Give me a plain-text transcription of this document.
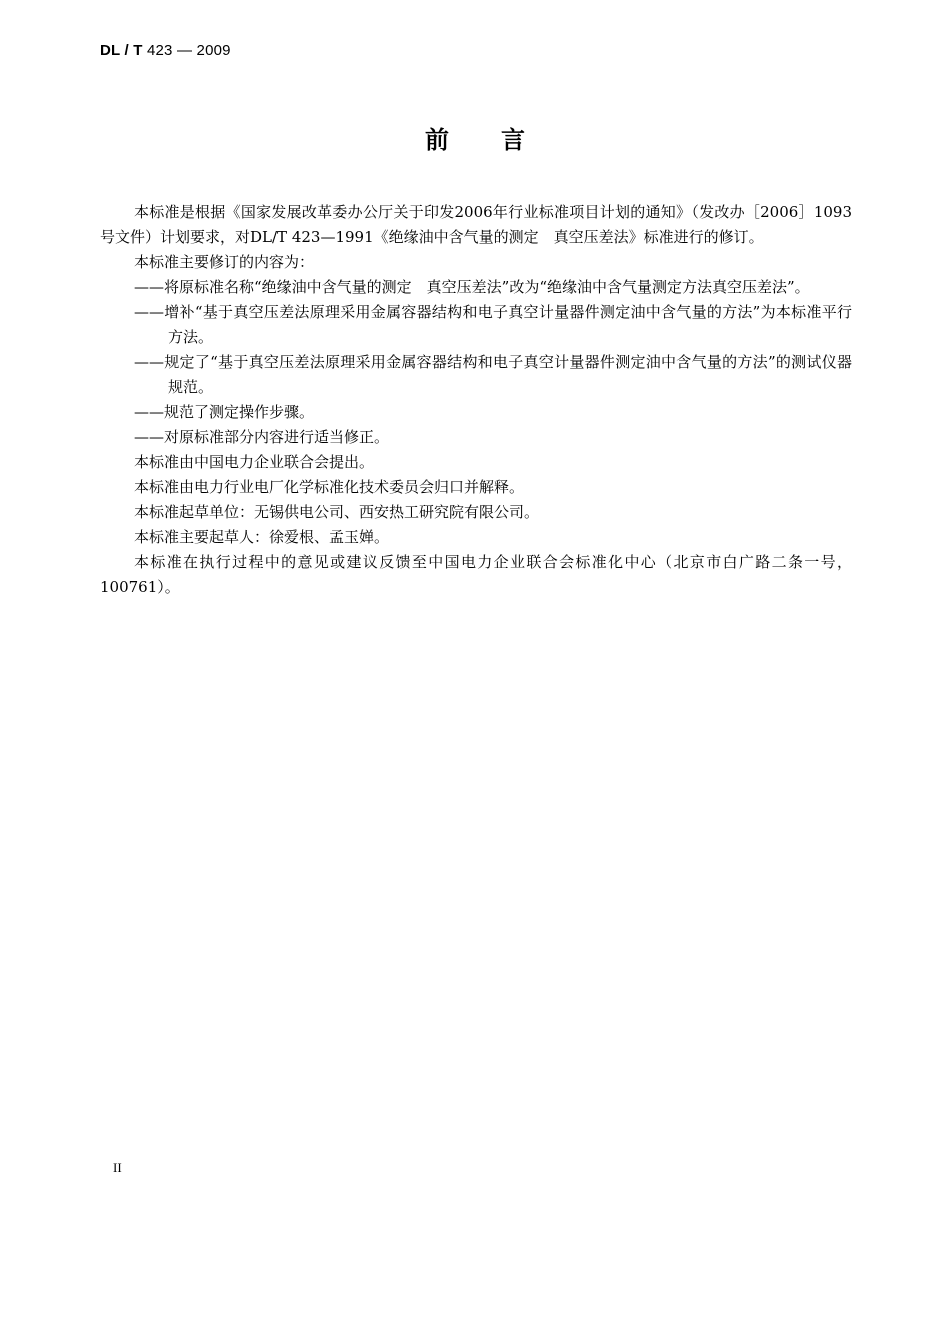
DL / T 423 — 2009
前言

本标准是根据《国家发展改革委办公厅关于印发2006年行业标准项目计划的通知》（发改办［2006］1093号文件）计划要求，对DL/T 423—1991《绝缘油中含气量的测定　真空压差法》标准进行的修订。

本标准主要修订的内容为：

——将原标准名称“绝缘油中含气量的测定　真空压差法”改为“绝缘油中含气量测定方法真空压差法”。

——增补“基于真空压差法原理采用金属容器结构和电子真空计量器件测定油中含气量的方法”为本标准平行方法。

——规定了“基于真空压差法原理采用金属容器结构和电子真空计量器件测定油中含气量的方法”的测试仪器规范。

——规范了测定操作步骤。

——对原标准部分内容进行适当修正。

本标准由中国电力企业联合会提出。

本标准由电力行业电厂化学标准化技术委员会归口并解释。

本标准起草单位：无锡供电公司、西安热工研究院有限公司。

本标准主要起草人：徐爱根、孟玉婵。

本标准在执行过程中的意见或建议反馈至中国电力企业联合会标准化中心（北京市白广路二条一号，100761）。

II
